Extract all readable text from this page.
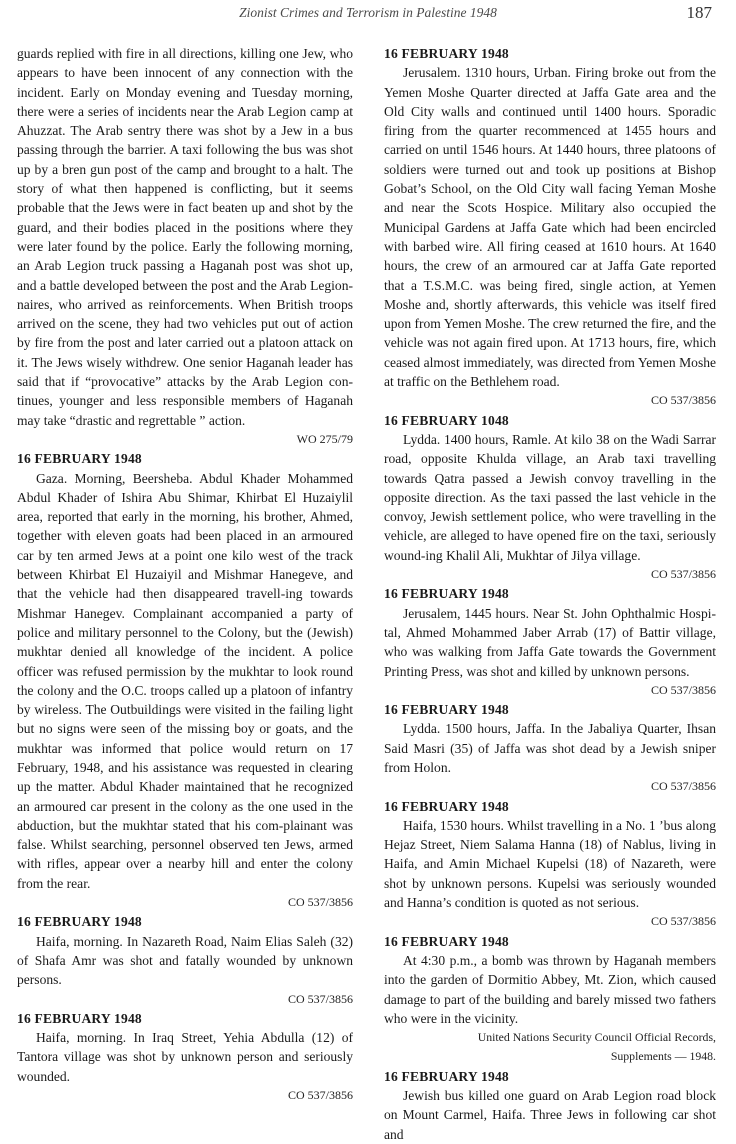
Zionist Crimes and Terrorism in Palestine 1948	187

guards replied with fire in all directions, killing one Jew, who appears to have been innocent of any connection with the incident. Early on Monday evening and Tuesday morning, there were a series of incidents near the Arab Legion camp at Ahuzzat. The Arab sentry there was shot by a Jew in a bus passing through the barrier. A taxi following the bus was shot up by a bren gun post of the camp and brought to a halt. The story of what then happened is conflicting, but it seems probable that the Jews were in fact beaten up and shot by the guard, and their bodies placed in the positions where they were later found by the police. Early the following morning, an Arab Legion truck passing a Haganah post was shot up, and a battle developed between the post and the Arab Legion-naires, who arrived as reinforcements. When British troops arrived on the scene, they had two vehicles put out of action by fire from the post and later carried out a platoon attack on it. The Jews wisely withdrew. One senior Haganah leader has said that if “provocative” attacks by the Arab Legion con-tinues, younger and less responsible members of Haganah may take “drastic and regrettable ” action.

WO 275/79

16 FEBRUARY 1948

Gaza. Morning, Beersheba. Abdul Khader Mohammed Abdul Khader of Ishira Abu Shimar, Khirbat El Huzaiylil area, reported that early in the morning, his brother, Ahmed, together with eleven goats had been placed in an armoured car by ten armed Jews at a point one kilo west of the track between Khirbat El Huzaiyil and Mishmar Hanegeve, and that the vehicle had then disappeared travell-ing towards Mishmar Hanegev. Complainant accompanied a party of police and military personnel to the Colony, but the (Jewish) mukhtar denied all knowledge of the incident. A police officer was refused permission by the mukhtar to look round the colony and the O.C. troops called up a platoon of infantry by wireless. The Outbuildings were visited in the failing light but no signs were seen of the missing boy or goats, and the mukhtar was informed that police would return on 17 February, 1948, and his assistance was requested in clearing up the matter. Abdul Khader maintained that he recognized an armoured car present in the colony as the one used in the abduction, but the mukhtar stated that his com-plainant was false. Whilst searching, personnel observed ten Jews, armed with rifles, appear over a nearby hill and enter the colony from the rear.

CO 537/3856

16 FEBRUARY 1948

Haifa, morning. In Nazareth Road, Naim Elias Saleh (32) of Shafa Amr was shot and fatally wounded by unknown persons.

CO 537/3856

16 FEBRUARY 1948

Haifa, morning. In Iraq Street, Yehia Abdulla (12) of Tantora village was shot by unknown person and seriously wounded.

CO 537/3856

16 FEBRUARY 1948

Jerusalem. 1310 hours, Urban. Firing broke out from the Yemen Moshe Quarter directed at Jaffa Gate area and the Old City walls and continued until 1400 hours. Sporadic firing from the quarter recommenced at 1455 hours and carried on until 1546 hours. At 1440 hours, three platoons of soldiers were turned out and took up positions at Bishop Gobat’s School, on the Old City wall facing Yeman Moshe and near the Scots Hospice. Military also occupied the Municipal Gardens at Jaffa Gate which had been encircled with barbed wire. All firing ceased at 1610 hours. At 1640 hours, the crew of an armoured car at Jaffa Gate reported that a T.S.M.C. was being fired, single action, at Yemen Moshe and, shortly afterwards, this vehicle was itself fired upon from Yemen Moshe. The crew returned the fire, and the vehicle was not again fired upon. At 1713 hours, fire, which ceased almost immediately, was directed from Yemen Moshe at traffic on the Bethlehem road.

CO 537/3856

16 FEBRUARY 1048

Lydda. 1400 hours, Ramle. At kilo 38 on the Wadi Sarrar road, opposite Khulda village, an Arab taxi travelling towards Qatra passed a Jewish convoy travelling in the opposite direction. As the taxi passed the last vehicle in the convoy, Jewish settlement police, who were travelling in the vehicle, are alleged to have opened fire on the taxi, seriously wound-ing Khalil Ali, Mukhtar of Jilya village.

CO 537/3856

16 FEBRUARY 1948

Jerusalem, 1445 hours. Near St. John Ophthalmic Hospi-tal, Ahmed Mohammed Jaber Arrab (17) of Battir village, who was walking from Jaffa Gate towards the Government Printing Press, was shot and killed by unknown persons.

CO 537/3856

16 FEBRUARY 1948

Lydda. 1500 hours, Jaffa. In the Jabaliya Quarter, Ihsan Said Masri (35) of Jaffa was shot dead by a Jewish sniper from Holon.

CO 537/3856

16 FEBRUARY 1948

Haifa, 1530 hours. Whilst travelling in a No. 1 ’bus along Hejaz Street, Niem Salama Hanna (18) of Nablus, living in Haifa, and Amin Michael Kupelsi (18) of Nazareth, were shot by unknown persons. Kupelsi was seriously wounded and Hanna’s condition is quoted as not serious.

CO 537/3856

16 FEBRUARY 1948

At 4:30 p.m., a bomb was thrown by Haganah members into the garden of Dormitio Abbey, Mt. Zion, which caused damage to part of the building and barely missed two fathers who were in the vicinity.

United Nations Security Council Official Records,

Supplements — 1948.

16 FEBRUARY 1948

Jewish bus killed one guard on Arab Legion road block on Mount Carmel, Haifa. Three Jews in following car shot and
